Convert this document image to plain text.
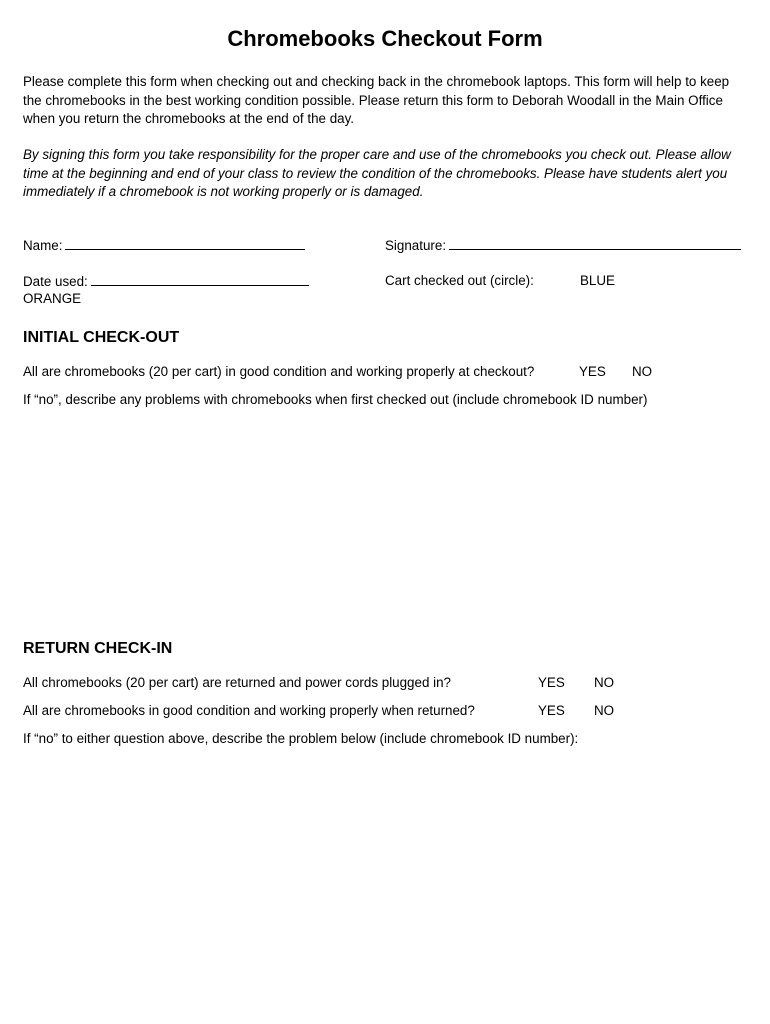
Chromebooks Checkout Form
Please complete this form when checking out and checking back in the chromebook laptops. This form will help to keep the chromebooks in the best working condition possible. Please return this form to Deborah Woodall in the Main Office when you return the chromebooks at the end of the day.
By signing this form you take responsibility for the proper care and use of the chromebooks you check out. Please allow time at the beginning and end of your class to review the condition of the chromebooks. Please have students alert you immediately if a chromebook is not working properly or is damaged.
Name:	Signature:
Date used:	Cart checked out (circle):	BLUE
ORANGE
INITIAL CHECK-OUT
All are chromebooks (20 per cart) in good condition and working properly at checkout?	YES NO
If “no”, describe any problems with chromebooks when first checked out (include chromebook ID number)
RETURN CHECK-IN
All chromebooks (20 per cart) are returned and power cords plugged in?	YES NO
All are chromebooks in good condition and working properly when returned?	YES NO
If “no” to either question above, describe the problem below (include chromebook ID number):
